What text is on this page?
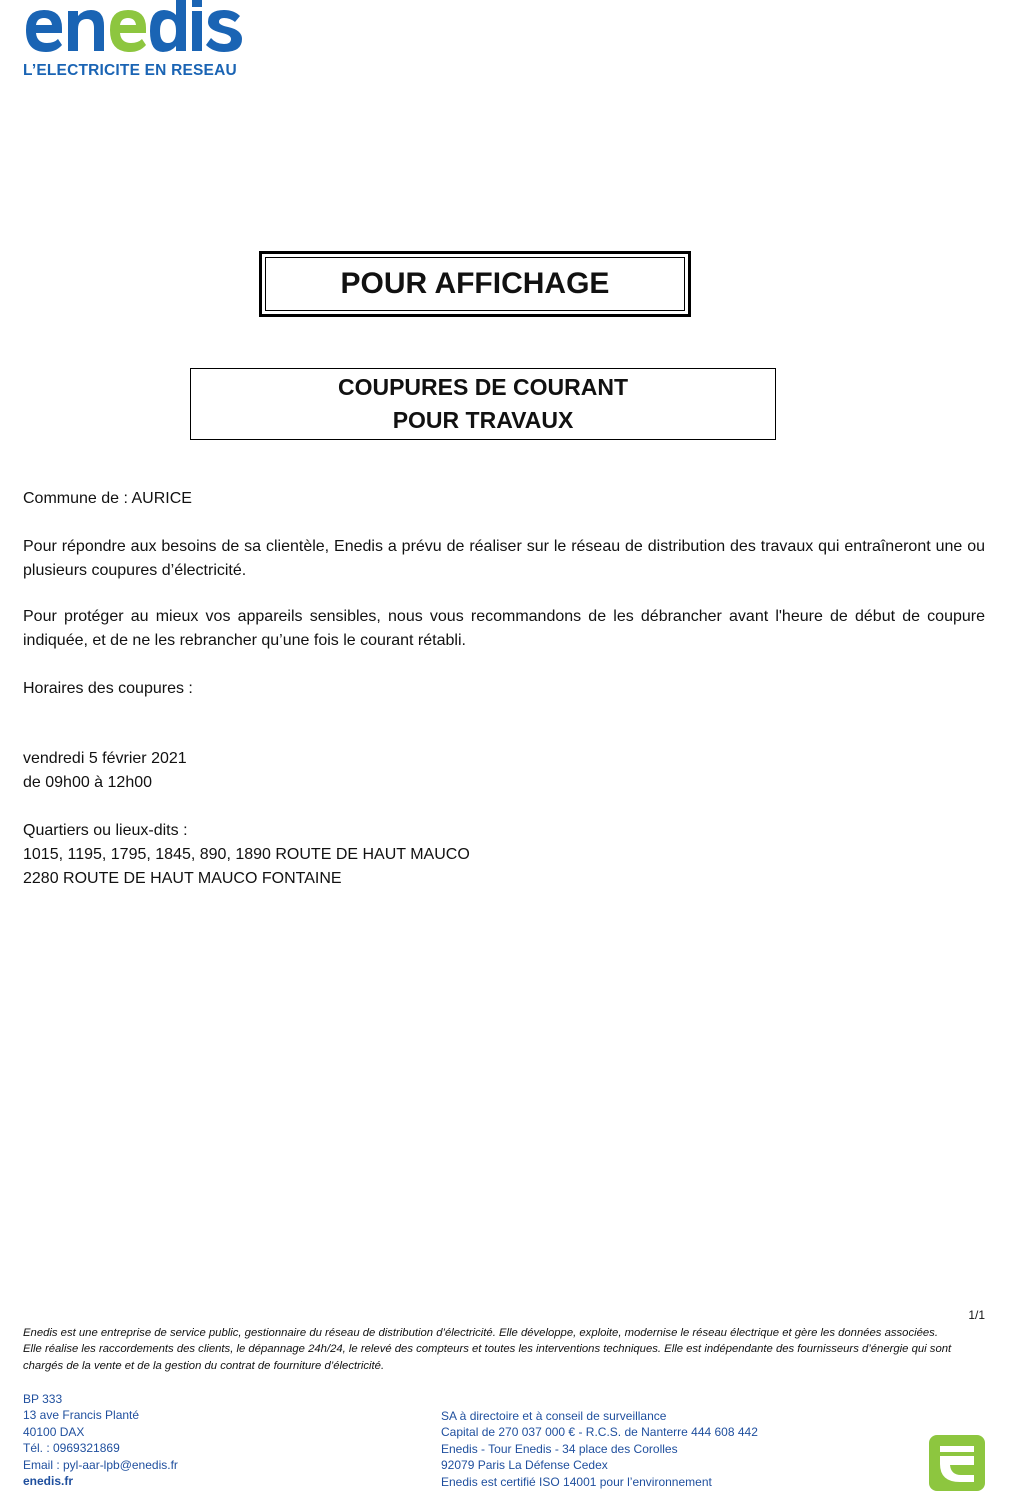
L’ELECTRICITE EN RESEAU
POUR AFFICHAGE
COUPURES DE COURANT
POUR TRAVAUX
Commune de : AURICE
Pour répondre aux besoins de sa clientèle, Enedis a prévu de réaliser sur le réseau de distribution des travaux qui entraîneront une ou plusieurs coupures d’électricité.
Pour protéger au mieux vos appareils sensibles, nous vous recommandons de les débrancher avant l'heure de début de coupure indiquée, et de ne les rebrancher qu’une fois le courant rétabli.
Horaires des coupures :
vendredi 5 février 2021
de 09h00 à 12h00
Quartiers ou lieux-dits :
1015, 1195, 1795, 1845, 890, 1890 ROUTE DE HAUT MAUCO
2280 ROUTE DE HAUT MAUCO FONTAINE
1/1
Enedis est une entreprise de service public, gestionnaire du réseau de distribution d’électricité. Elle développe, exploite, modernise le réseau électrique et gère les données associées. Elle réalise les raccordements des clients, le dépannage 24h/24, le relevé des compteurs et toutes les interventions techniques. Elle est indépendante des fournisseurs d’énergie qui sont chargés de la vente et de la gestion du contrat de fourniture d’électricité.
BP 333
13 ave Francis Planté
40100 DAX
Tél. : 0969321869
Email : pyl-aar-lpb@enedis.fr
enedis.fr
SA à directoire et à conseil de surveillance
Capital de 270 037 000 € - R.C.S. de Nanterre 444 608 442
Enedis - Tour Enedis - 34 place des Corolles
92079 Paris La Défense Cedex
Enedis est certifié ISO 14001 pour l’environnement
